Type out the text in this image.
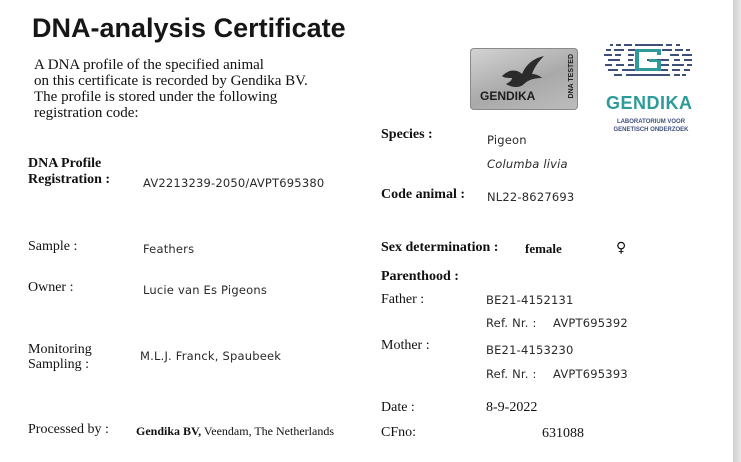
DNA-analysis Certificate
A DNA profile of the specified animal
on this certificate is recorded by Gendika BV.
The profile is stored under the following
registration code:
GENDIKA	DNA TESTED
GENDIKA
LABORATORIUM VOOR
GENETISCH ONDERZOEK
DNA Profile
Registration :	AV2213239-2050/AVPT695380
Sample :	Feathers
Owner :	Lucie van Es Pigeons
Monitoring
Sampling :
M.L.J. Franck, Spaubeek
Processed by : Gendika BV, Veendam, The Netherlands
Species :	Pigeon
Columba livia
Code animal : NL22-8627693
Sex determination : female	♀
Parenthood :
Father :	BE21-4152131
Ref. Nr. : AVPT695392
Mother :	BE21-4153230
Ref. Nr. : AVPT695393
Date :	8-9-2022
CFno:	631088
